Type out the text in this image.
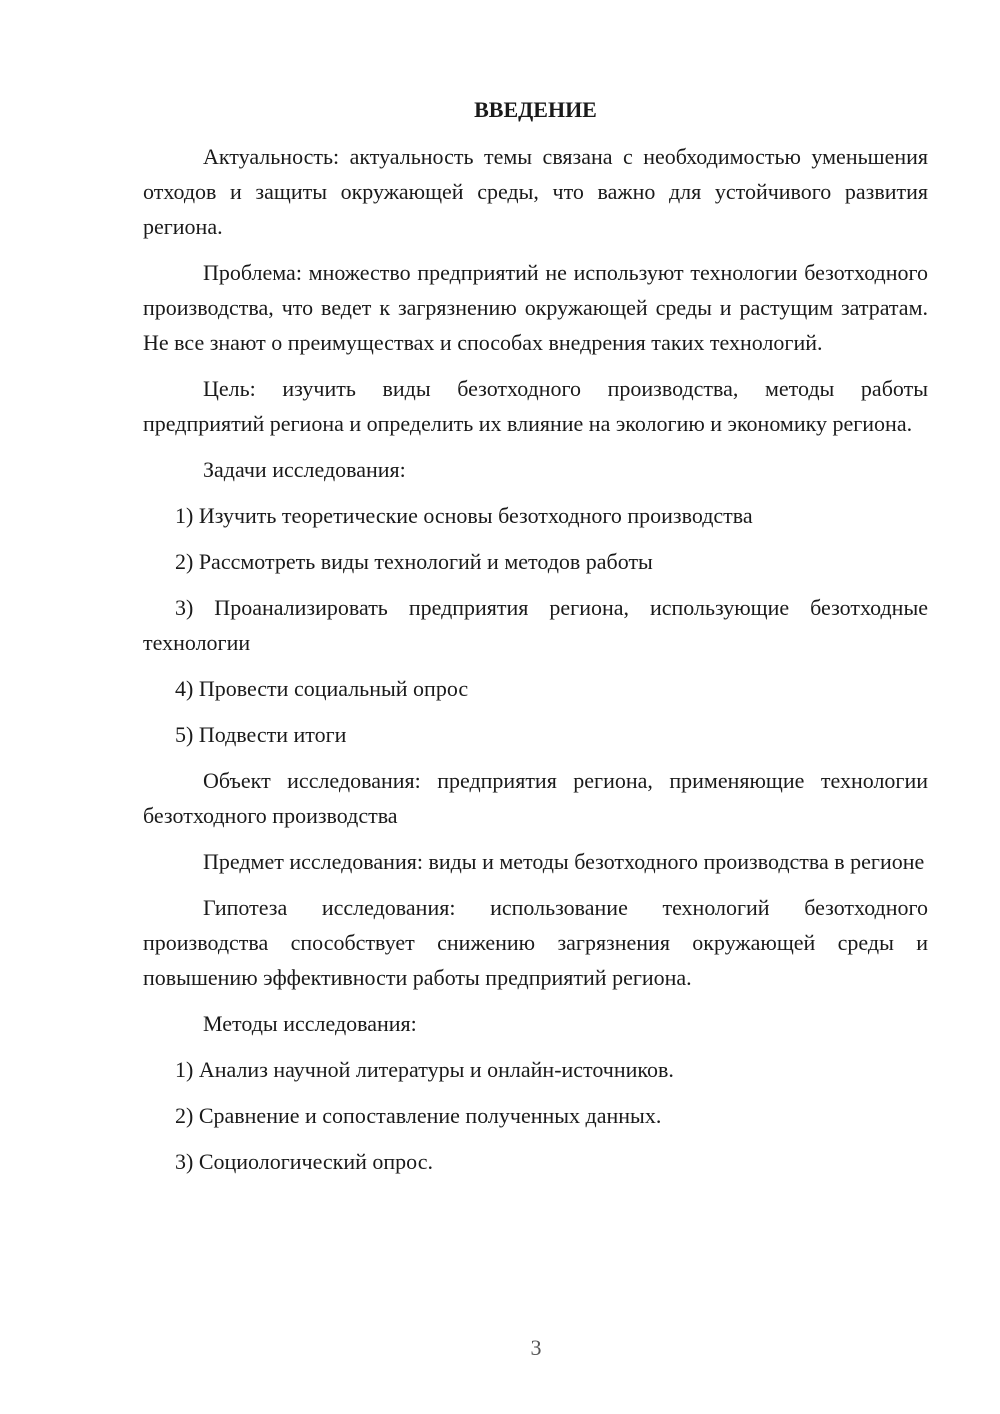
ВВЕДЕНИЕ

Актуальность: актуальность темы связана с необходимостью уменьшения отходов и защиты окружающей среды, что важно для устойчивого развития региона.

Проблема: множество предприятий не используют технологии безотходного производства, что ведет к загрязнению окружающей среды и растущим затратам. Не все знают о преимуществах и способах внедрения таких технологий.

Цель: изучить виды безотходного производства, методы работы предприятий региона и определить их влияние на экологию и экономику региона.

Задачи исследования:

1) Изучить теоретические основы безотходного производства

2) Рассмотреть виды технологий и методов работы

3) Проанализировать предприятия региона, использующие безотходные технологии

4) Провести социальный опрос

5) Подвести итоги

Объект исследования: предприятия региона, применяющие технологии безотходного производства

Предмет исследования: виды и методы безотходного производства в регионе

Гипотеза исследования: использование технологий безотходного производства способствует снижению загрязнения окружающей среды и повышению эффективности работы предприятий региона.

Методы исследования:

1) Анализ научной литературы и онлайн-источников.

2) Сравнение и сопоставление полученных данных.

3) Социологический опрос.

3
